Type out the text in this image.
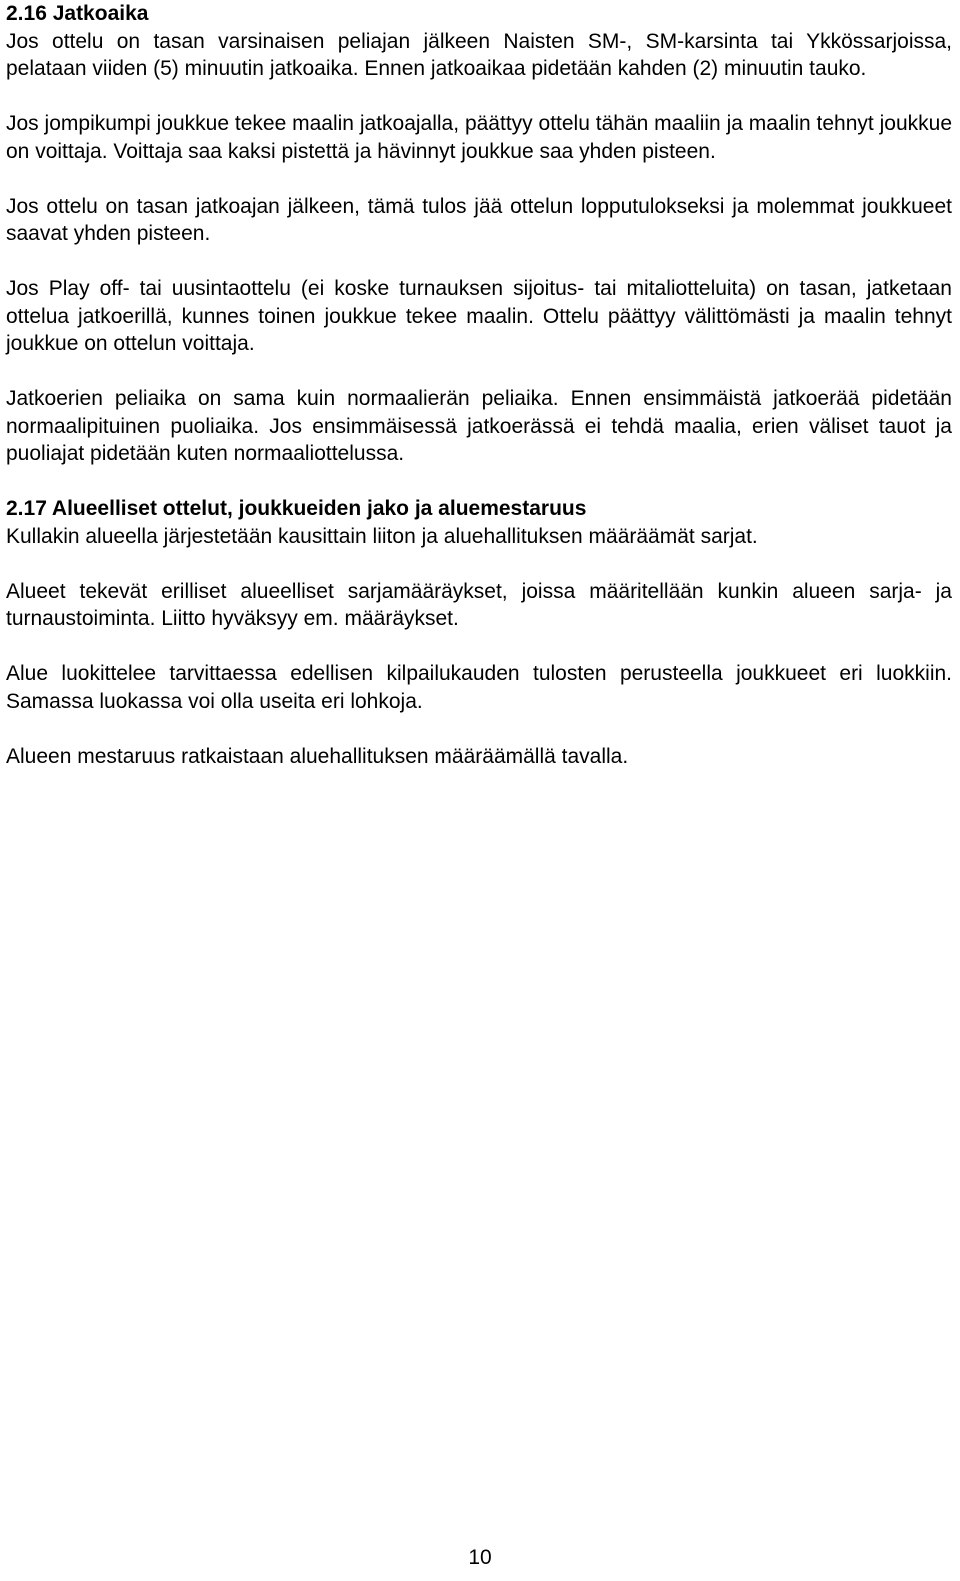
2.16 Jatkoaika

Jos ottelu on tasan varsinaisen peliajan jälkeen Naisten SM-, SM-karsinta tai Ykkössarjoissa, pelataan viiden (5) minuutin jatkoaika. Ennen jatkoaikaa pidetään kahden (2) minuutin tauko.

Jos jompikumpi joukkue tekee maalin jatkoajalla, päättyy ottelu tähän maaliin ja maalin tehnyt joukkue on voittaja. Voittaja saa kaksi pistettä ja hävinnyt joukkue saa yhden pisteen.

Jos ottelu on tasan jatkoajan jälkeen, tämä tulos jää ottelun lopputulokseksi ja molemmat joukkueet saavat yhden pisteen.

Jos Play off- tai uusintaottelu (ei koske turnauksen sijoitus- tai mitaliotteluita) on tasan, jatketaan ottelua jatkoerillä, kunnes toinen joukkue tekee maalin. Ottelu päättyy välittömästi ja maalin tehnyt joukkue on ottelun voittaja.

Jatkoerien peliaika on sama kuin normaalierän peliaika. Ennen ensimmäistä jatkoerää pidetään normaalipituinen puoliaika. Jos ensimmäisessä jatkoerässä ei tehdä maalia, erien väliset tauot ja puoliajat pidetään kuten normaaliottelussa.

2.17 Alueelliset ottelut, joukkueiden jako ja aluemestaruus

Kullakin alueella järjestetään kausittain liiton ja aluehallituksen määräämät sarjat.

Alueet tekevät erilliset alueelliset sarjamääräykset, joissa määritellään kunkin alueen sarja- ja turnaustoiminta. Liitto hyväksyy em. määräykset.

Alue luokittelee tarvittaessa edellisen kilpailukauden tulosten perusteella joukkueet eri luokkiin. Samassa luokassa voi olla useita eri lohkoja.

Alueen mestaruus ratkaistaan aluehallituksen määräämällä tavalla.

10
